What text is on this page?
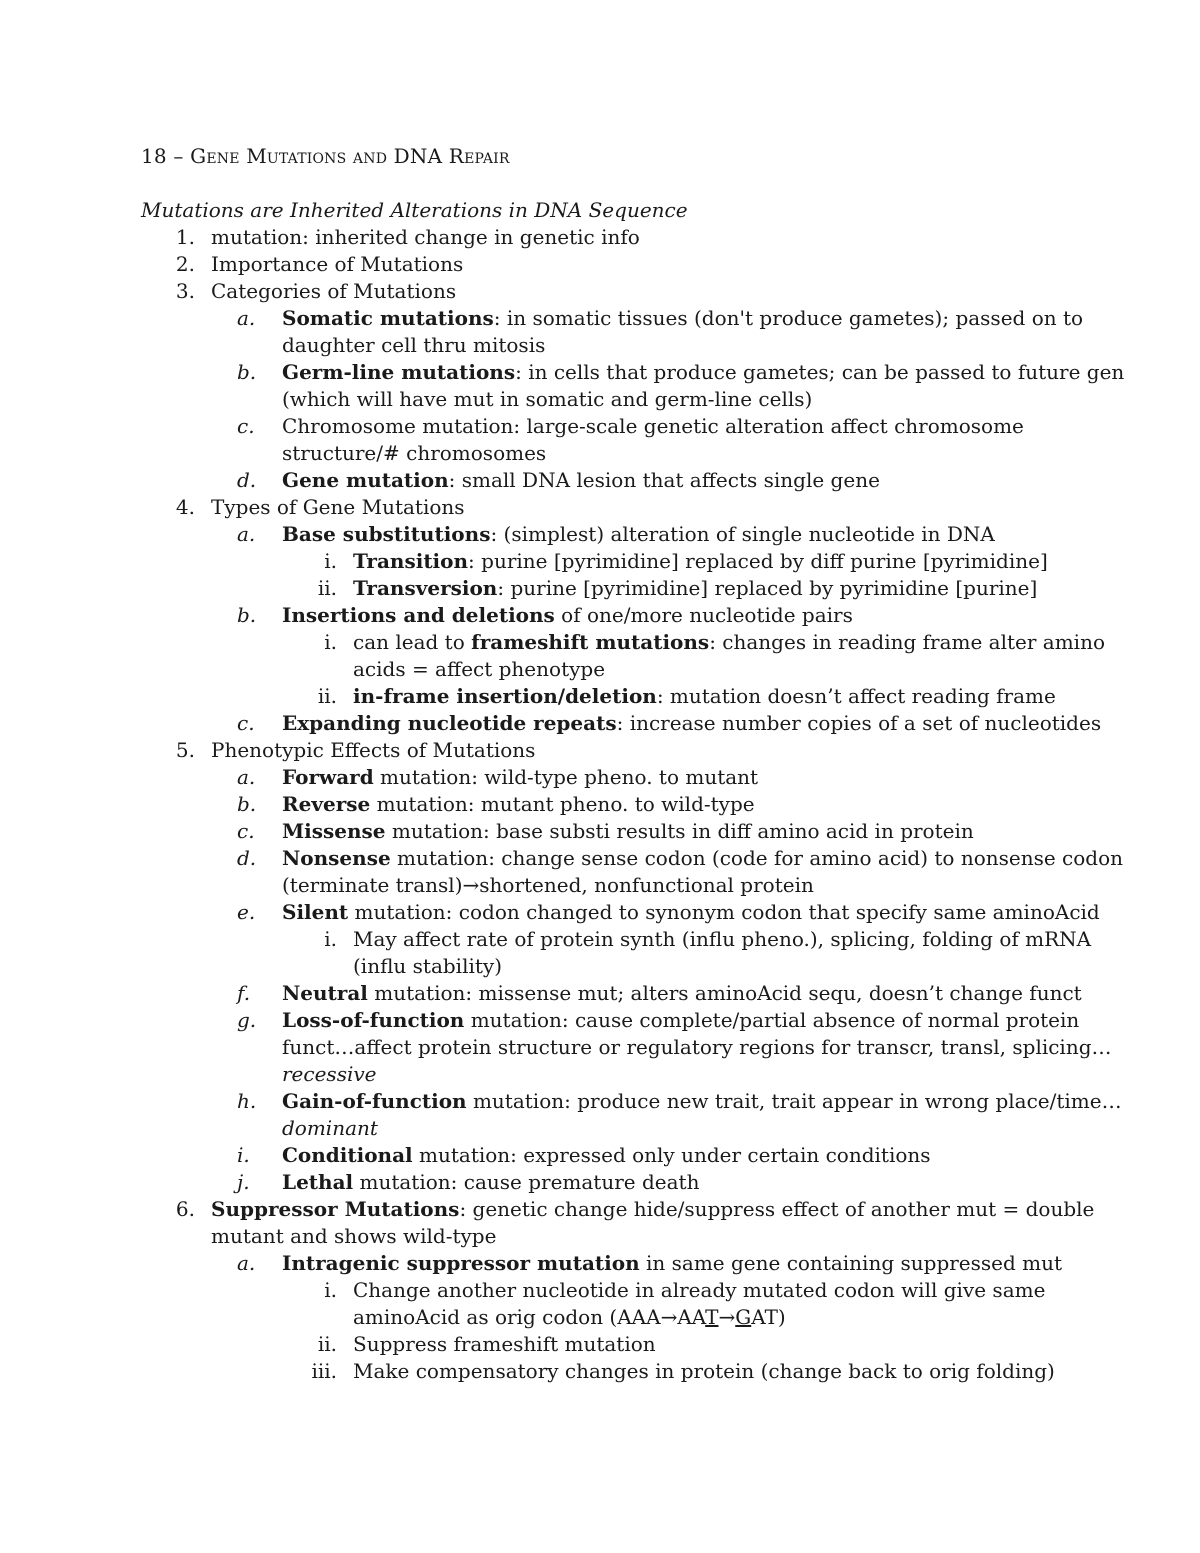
18 – Gene Mutations and DNA Repair

Mutations are Inherited Alterations in DNA Sequence

1. mutation: inherited change in genetic info
2. Importance of Mutations
3. Categories of Mutations
a.	Somatic mutations: in somatic tissues (don't produce gametes); passed on to
daughter cell thru mitosis
b.	Germ-line mutations: in cells that produce gametes; can be passed to future gen
(which will have mut in somatic and germ-line cells)
c.	Chromosome mutation: large-scale genetic alteration affect chromosome
structure/# chromosomes
d.	Gene mutation: small DNA lesion that affects single gene
4. Types of Gene Mutations
a.	Base substitutions: (simplest) alteration of single nucleotide in DNA
i. Transition: purine [pyrimidine] replaced by diff purine [pyrimidine]
ii. Transversion: purine [pyrimidine] replaced by pyrimidine [purine]
b.	Insertions and deletions of one/more nucleotide pairs
i. can lead to frameshift mutations: changes in reading frame alter amino
acids = affect phenotype
ii. in-frame insertion/deletion: mutation doesn’t affect reading frame
c.	Expanding nucleotide repeats: increase number copies of a set of nucleotides
5. Phenotypic Effects of Mutations
a.	Forward mutation: wild-type pheno. to mutant
b.	Reverse mutation: mutant pheno. to wild-type
c.	Missense mutation: base substi results in diff amino acid in protein
d.	Nonsense mutation: change sense codon (code for amino acid) to nonsense codon
(terminate transl)→shortened, nonfunctional protein
e.	Silent mutation: codon changed to synonym codon that specify same aminoAcid
i. May affect rate of protein synth (influ pheno.), splicing, folding of mRNA
(influ stability)
f.	Neutral mutation: missense mut; alters aminoAcid sequ, doesn’t change funct
g.	Loss-of-function mutation: cause complete/partial absence of normal protein
funct…affect protein structure or regulatory regions for transcr, transl, splicing…
recessive
h.	Gain-of-function mutation: produce new trait, trait appear in wrong place/time…
dominant
i.	Conditional mutation: expressed only under certain conditions
j.	Lethal mutation: cause premature death
6. Suppressor Mutations: genetic change hide/suppress effect of another mut = double
mutant and shows wild-type
a.	Intragenic suppressor mutation in same gene containing suppressed mut
i. Change another nucleotide in already mutated codon will give same
aminoAcid as orig codon (AAA→AAT→GAT)
ii. Suppress frameshift mutation
iii. Make compensatory changes in protein (change back to orig folding)
